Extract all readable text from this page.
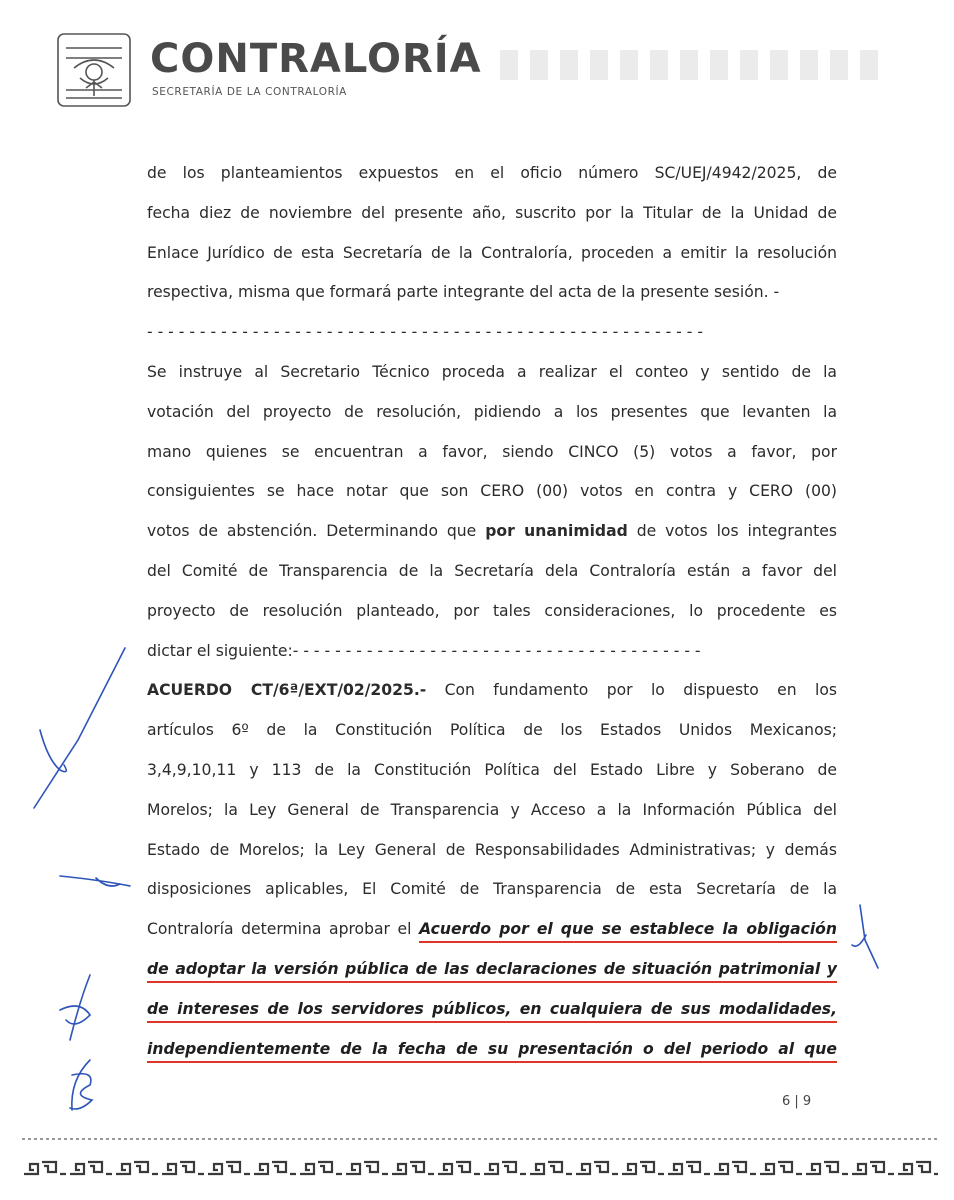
CONTRALORÍA
SECRETARÍA DE LA CONTRALORÍA
de los planteamientos expuestos en el oficio número SC/UEJ/4942/2025, de
fecha diez de noviembre del presente año, suscrito por la Titular de la Unidad de
Enlace Jurídico de esta Secretaría de la Contraloría, proceden a emitir la resolución
respectiva, misma que formará parte integrante del acta de la presente sesión. -
- - - - - - - - - - - - - - - - - - - - - - - - - - - - - - - - - - - - - - - - - - - - - - - - - - - - -
Se instruye al Secretario Técnico proceda a realizar el conteo y sentido de la
votación del proyecto de resolución, pidiendo a los presentes que levanten la
mano quienes se encuentran a favor, siendo CINCO (5) votos a favor, por
consiguientes se hace notar que son CERO (00) votos en contra y CERO (00)
votos de abstención. Determinando que por unanimidad de votos los integrantes
del Comité de Transparencia de la Secretaría dela Contraloría están a favor del
proyecto de resolución planteado, por tales consideraciones, lo procedente es
dictar el siguiente:- - - - - - - - - - - - - - - - - - - - - - - - - - - - - - - - - - - - - - -
ACUERDO CT/6ª/EXT/02/2025.- Con fundamento por lo dispuesto en los
artículos 6º de la Constitución Política de los Estados Unidos Mexicanos;
3,4,9,10,11 y 113 de la Constitución Política del Estado Libre y Soberano de
Morelos; la Ley General de Transparencia y Acceso a la Información Pública del
Estado de Morelos; la Ley General de Responsabilidades Administrativas; y demás
disposiciones aplicables, El Comité de Transparencia de esta Secretaría de la
Contraloría determina aprobar el Acuerdo por el que se establece la obligación
de adoptar la versión pública de las declaraciones de situación patrimonial y
de intereses de los servidores públicos, en cualquiera de sus modalidades,
independientemente de la fecha de su presentación o del periodo al que
6 | 9
